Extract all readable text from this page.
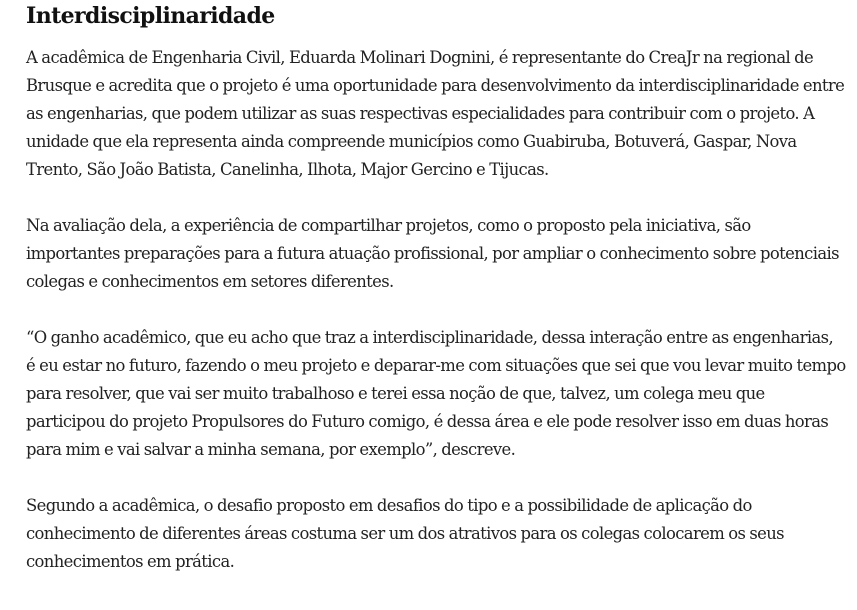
Interdisciplinaridade

A acadêmica de Engenharia Civil, Eduarda Molinari Dognini, é representante do CreaJr na regional de Brusque e acredita que o projeto é uma oportunidade para desenvolvimento da interdisciplinaridade entre as engenharias, que podem utilizar as suas respectivas especialidades para contribuir com o projeto. A unidade que ela representa ainda compreende municípios como Guabiruba, Botuverá, Gaspar, Nova Trento, São João Batista, Canelinha, Ilhota, Major Gercino e Tijucas.

Na avaliação dela, a experiência de compartilhar projetos, como o proposto pela iniciativa, são importantes preparações para a futura atuação profissional, por ampliar o conhecimento sobre potenciais colegas e conhecimentos em setores diferentes.

“O ganho acadêmico, que eu acho que traz a interdisciplinaridade, dessa interação entre as engenharias, é eu estar no futuro, fazendo o meu projeto e deparar-me com situações que sei que vou levar muito tempo para resolver, que vai ser muito trabalhoso e terei essa noção de que, talvez, um colega meu que participou do projeto Propulsores do Futuro comigo, é dessa área e ele pode resolver isso em duas horas para mim e vai salvar a minha semana, por exemplo”, descreve.

Segundo a acadêmica, o desafio proposto em desafios do tipo e a possibilidade de aplicação do conhecimento de diferentes áreas costuma ser um dos atrativos para os colegas colocarem os seus conhecimentos em prática.
